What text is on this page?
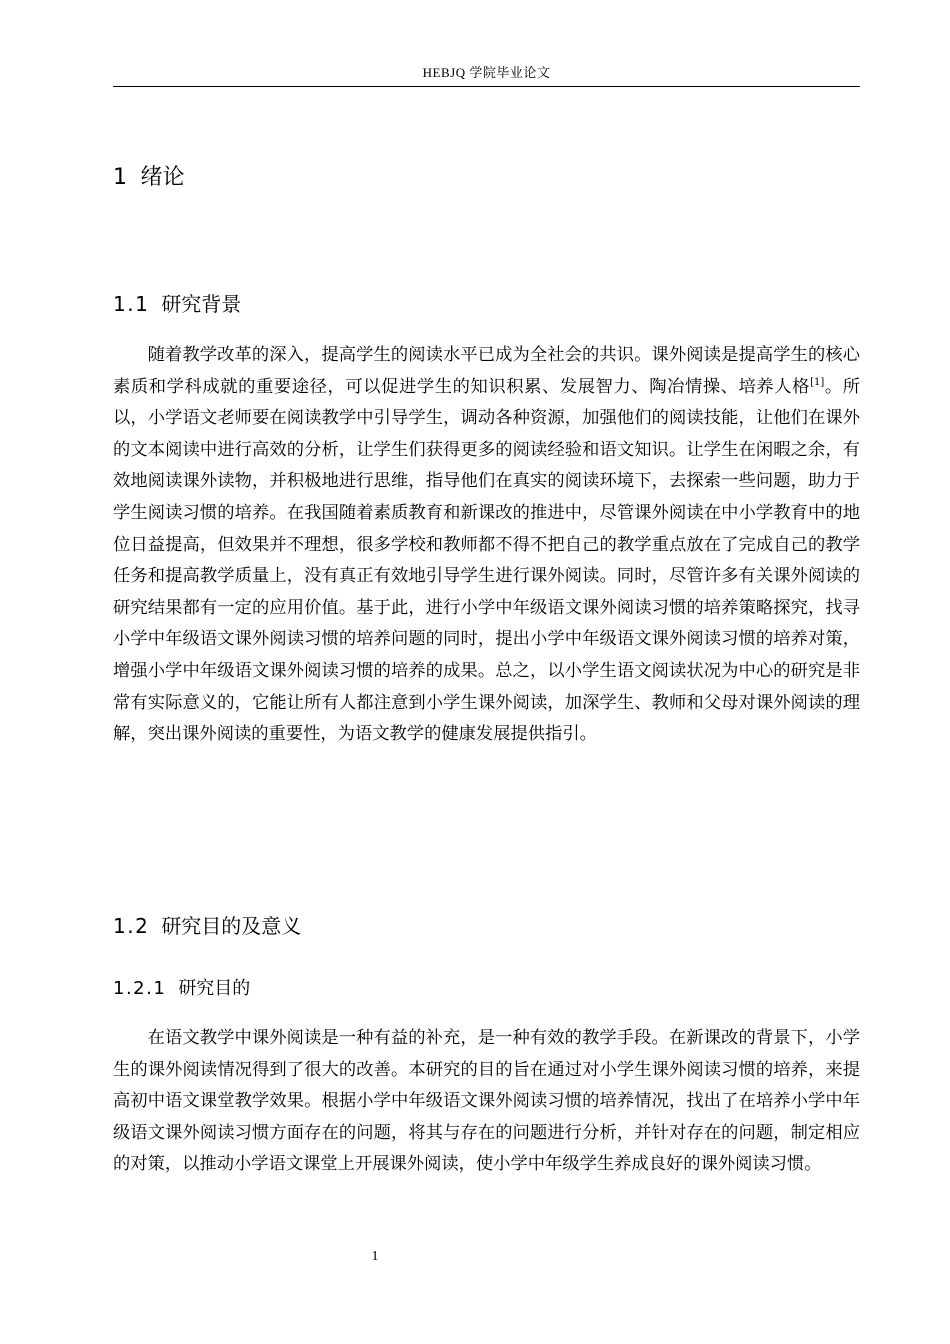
HEBJQ 学院毕业论文
1 绪论
1.1 研究背景

随着教学改革的深入，提高学生的阅读水平已成为全社会的共识。课外阅读是提高学生的核心素质和学科成就的重要途径，可以促进学生的知识积累、发展智力、陶冶情操、培养人格[1]。所以，小学语文老师要在阅读教学中引导学生，调动各种资源，加强他们的阅读技能，让他们在课外的文本阅读中进行高效的分析，让学生们获得更多的阅读经验和语文知识。让学生在闲暇之余，有效地阅读课外读物，并积极地进行思维，指导他们在真实的阅读环境下，去探索一些问题，助力于学生阅读习惯的培养。在我国随着素质教育和新课改的推进中，尽管课外阅读在中小学教育中的地位日益提高，但效果并不理想，很多学校和教师都不得不把自己的教学重点放在了完成自己的教学任务和提高教学质量上，没有真正有效地引导学生进行课外阅读。同时，尽管许多有关课外阅读的研究结果都有一定的应用价值。基于此，进行小学中年级语文课外阅读习惯的培养策略探究，找寻小学中年级语文课外阅读习惯的培养问题的同时，提出小学中年级语文课外阅读习惯的培养对策，增强小学中年级语文课外阅读习惯的培养的成果。总之，以小学生语文阅读状况为中心的研究是非常有实际意义的，它能让所有人都注意到小学生课外阅读，加深学生、教师和父母对课外阅读的理解，突出课外阅读的重要性，为语文教学的健康发展提供指引。

1.2 研究目的及意义
1.2.1 研究目的

在语文教学中课外阅读是一种有益的补充，是一种有效的教学手段。在新课改的背景下，小学生的课外阅读情况得到了很大的改善。本研究的目的旨在通过对小学生课外阅读习惯的培养，来提高初中语文课堂教学效果。根据小学中年级语文课外阅读习惯的培养情况，找出了在培养小学中年级语文课外阅读习惯方面存在的问题，将其与存在的问题进行分析，并针对存在的问题，制定相应的对策，以推动小学语文课堂上开展课外阅读，使小学中年级学生养成良好的课外阅读习惯。

1
